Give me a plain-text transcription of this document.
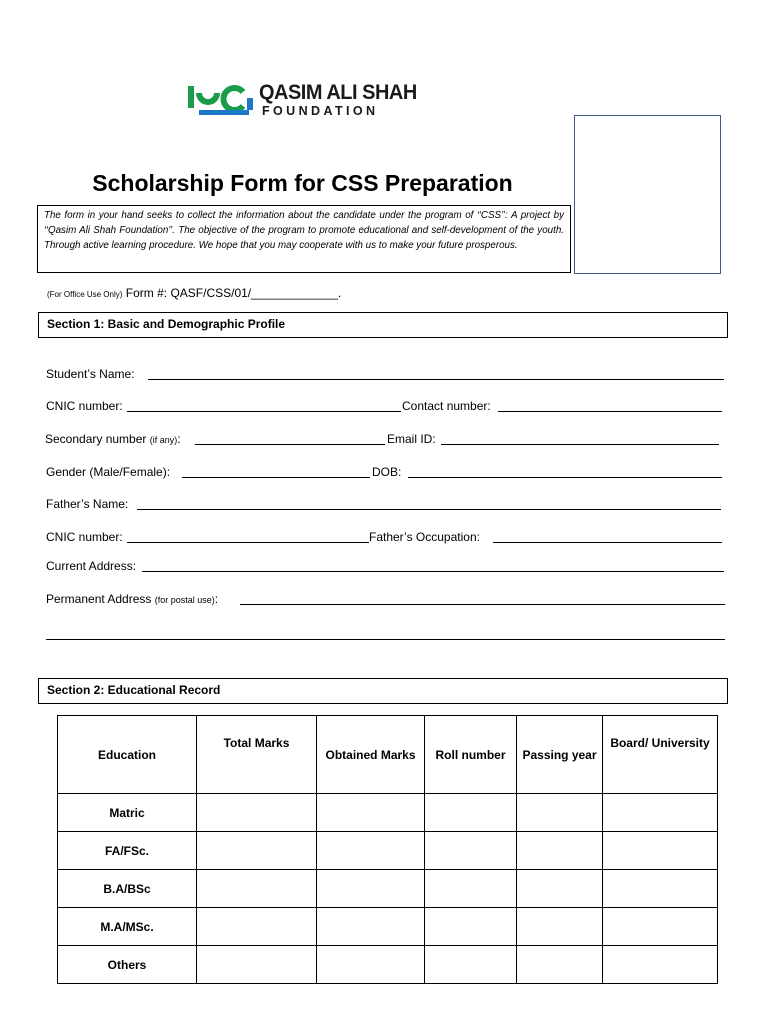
QASIM ALI SHAH
FOUNDATION
Scholarship Form for CSS Preparation
The form in your hand seeks to collect the information about the candidate under the program of ‘‘CSS’’: A project by ‘‘Qasim Ali Shah Foundation’’. The objective of the program to promote educational and self-development of the youth. Through active learning procedure. We hope that you may cooperate with us to make your future prosperous.
(For Office Use Only) Form #: QASF/CSS/01/_____________.
Section 1: Basic and Demographic Profile
Student’s Name:
CNIC number:	Contact number:
Secondary number (if any):	Email ID:
Gender (Male/Female):	DOB:
Father’s Name:
CNIC number:	Father’s Occupation:
Current Address:
Permanent Address (for postal use):
Section 2: Educational Record
Education	Total Marks	Obtained Marks	Roll number	Passing year	Board/ University
Matric					
FA/FSc.					
B.A/BSc					
M.A/MSc.					
Others					
